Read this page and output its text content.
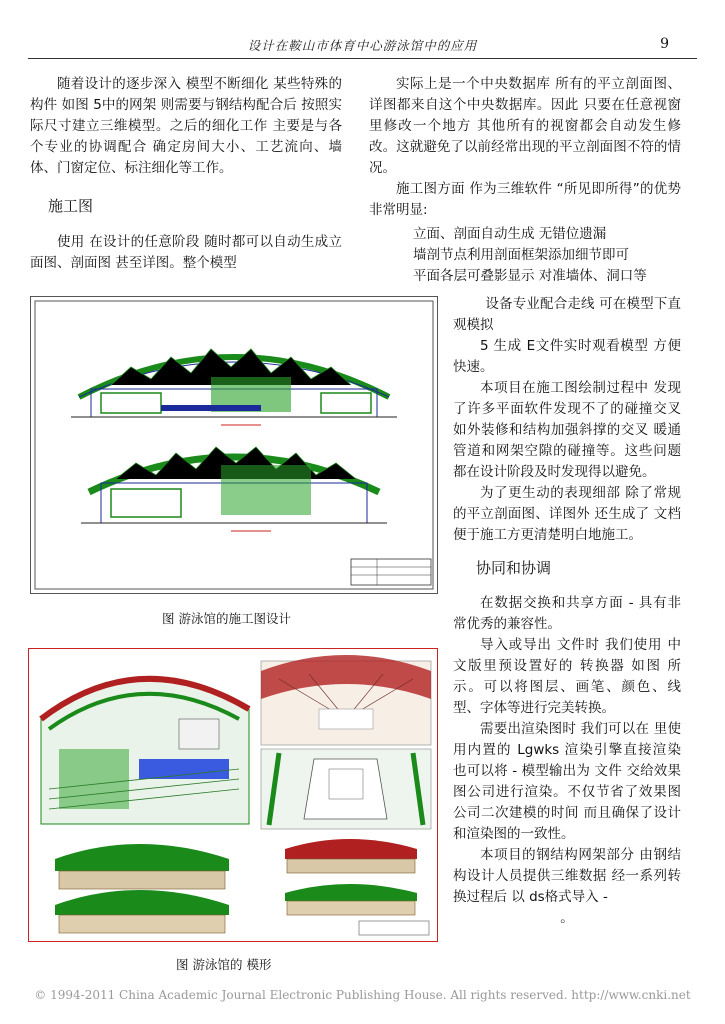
设计在鞍山市体育中心游泳馆中的应用	9

随着设计的逐步深入 模型不断细化 某些特殊的构件 如图 5中的网架 则需要与钢结构配合后 按照实际尺寸建立三维模型。之后的细化工作 主要是与各个专业的协调配合 确定房间大小、工艺流向、墙体、门窗定位、标注细化等工作。

施工图

使用 在设计的任意阶段 随时都可以自动生成立面图、剖面图 甚至详图。整个模型

实际上是一个中央数据库 所有的平立剖面图、详图都来自这个中央数据库。因此 只要在任意视窗里修改一个地方 其他所有的视窗都会自动发生修改。这就避免了以前经常出现的平立剖面图不符的情况。

施工图方面 作为三维软件 “所见即所得”的优势非常明显:

立面、剖面自动生成 无错位遗漏
墙剖节点利用剖面框架添加细节即可
平面各层可叠影显示 对准墙体、洞口等
图 游泳馆的施工图设计

设备专业配合走线 可在模型下直观模拟

5 生成 E文件实时观看模型 方便快速。

本项目在施工图绘制过程中 发现了许多平面软件发现不了的碰撞交叉 如外装修和结构加强斜撑的交叉 暖通管道和网架空隙的碰撞等。这些问题都在设计阶段及时发现得以避免。

为了更生动的表现细部 除了常规的平立剖面图、详图外 还生成了 文档 便于施工方更清楚明白地施工。

协同和协调

在数据交换和共享方面 - 具有非常优秀的兼容性。

导入或导出 文件时 我们使用 中文版里预设置好的 转换器 如图 所示。可以将图层、画笔、颜色、线型、字体等进行完美转换。

需要出渲染图时 我们可以在 里使用内置的 Lgwks 渲染引擎直接渲染 也可以将 - 模型输出为 文件 交给效果图公司进行渲染。不仅节省了效果图公司二次建模的时间 而且确保了设计和渲染图的一致性。

本项目的钢结构网架部分 由钢结构设计人员提供三维数据 经一系列转换过程后 以 ds格式导入 -

。
图 游泳馆的 模形
© 1994-2011 China Academic Journal Electronic Publishing House. All rights reserved. http://www.cnki.net
